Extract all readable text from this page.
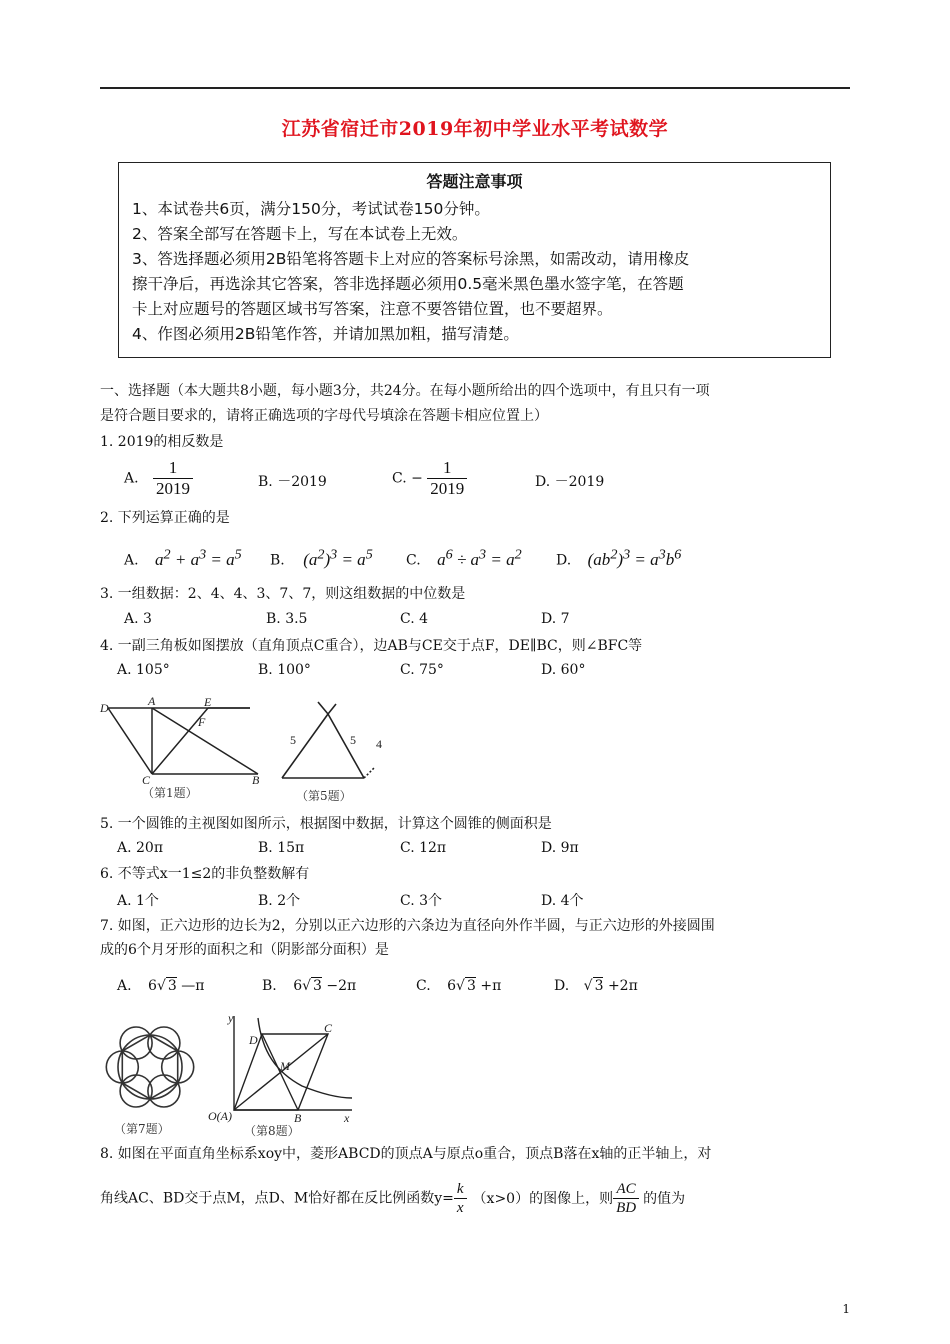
江苏省宿迁市2019年初中学业水平考试数学
答题注意事项
1、本试卷共6页，满分150分，考试试卷150分钟。
2、答案全部写在答题卡上，写在本试卷上无效。
3、答选择题必须用2B铅笔将答题卡上对应的答案标号涂黑，如需改动，请用橡皮
擦干净后，再选涂其它答案，答非选择题必须用0.5毫米黑色墨水签字笔，在答题
卡上对应题号的答题区域书写答案，注意不要答错位置，也不要超界。
4、作图必须用2B铅笔作答，并请加黑加粗，描写清楚。
一、选择题（本大题共8小题，每小题3分，共24分。在每小题所给出的四个选项中，有且只有一项
是符合题目要求的，请将正确选项的字母代号填涂在答题卡相应位置上）
1. 2019的相反数是
A. $\frac{1}{2019}$	B. －2019	C. − $\frac{1}{2019}$	D. －2019
2. 下列运算正确的是
A. $a^2 + a^3 = a^5$ B. $(a^2)^3 = a^5$ C. $a^6 \div a^3 = a^2$ D. $(ab^2)^3 = a^3b^6$
3. 一组数据：2、4、4、3、7、7，则这组数据的中位数是
A. 3	B. 3.5	C. 4	D. 7
4. 一副三角板如图摆放（直角顶点C重合），边AB与CE交于点F，DE∥BC，则∠BFC等
A. 105°	B. 100°	C. 75°	D. 60°
D	A	E
F
C	B
（第1题）
5	5 4
（第5题）
5. 一个圆锥的主视图如图所示，根据图中数据，计算这个圆锥的侧面积是
A. 20π	B. 15π	C. 12π	D. 9π
6. 不等式x一1≤2的非负整数解有
A. 1个	B. 2个	C. 3个	D. 4个
7. 如图，正六边形的边长为2，分别以正六边形的六条边为直径向外作半圆，与正六边形的外接圆围
成的6个月牙形的面积之和（阴影部分面积）是
A. 6√ 3 —π	B. 6√ 3 −2π	C. 6√ 3 +π	D. √ 3 +2π
（第7题）
y
D
C
M
O(A)	B	x
（第8题）
8. 如图在平面直角坐标系xoy中，菱形ABCD的顶点A与原点o重合，顶点B落在x轴的正半轴上，对
角线AC、BD交于点M，点D、M恰好都在反比例函数$y= \frac{k}{x} (x>0)$的图像上，则 $\frac{AC}{BD}$ 的值为
1
